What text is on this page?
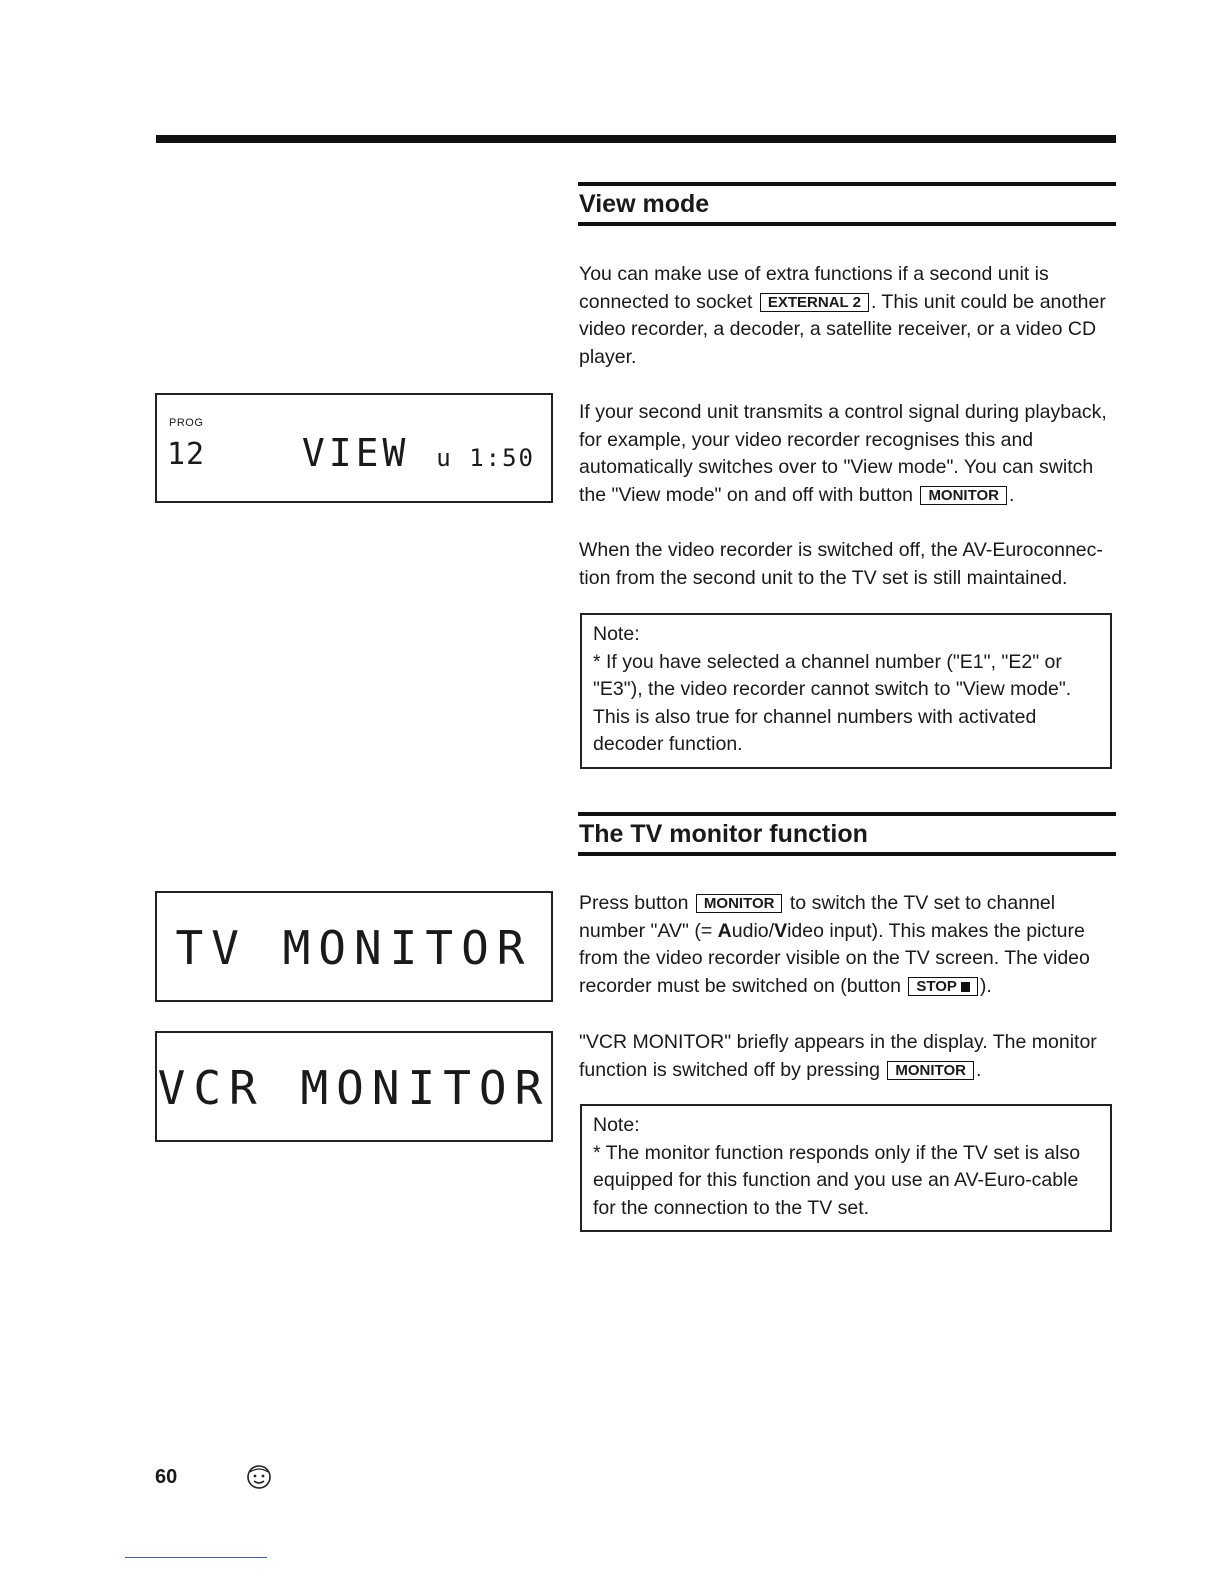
View mode

You can make use of extra functions if a second unit is connected to socket EXTERNAL 2 . This unit could be another video recorder, a decoder, a satellite receiver, or a video CD player.

If your second unit transmits a control signal during playback, for example, your video recorder recognises this and automatically switches over to "View mode". You can switch the "View mode" on and off with button MONITOR .

When the video recorder is switched off, the AV-Euroconnec-tion from the second unit to the TV set is still maintained.

Note:

* If you have selected a channel number ("E1", "E2" or "E3"), the video recorder cannot switch to "View mode". This is also true for channel numbers with activated decoder function.

PROG
12	VIEW u 1:50
The TV monitor function

Press button MONITOR to switch the TV set to channel number "AV" (= Audio/Video input). This makes the picture from the video recorder visible on the TV screen. The video recorder must be switched on (button STOP ).

"VCR MONITOR" briefly appears in the display. The monitor function is switched off by pressing MONITOR .

Note:

* The monitor function responds only if the TV set is also equipped for this function and you use an AV-Euro-cable for the connection to the TV set.

TV MONITOR
VCR MONITOR
60
